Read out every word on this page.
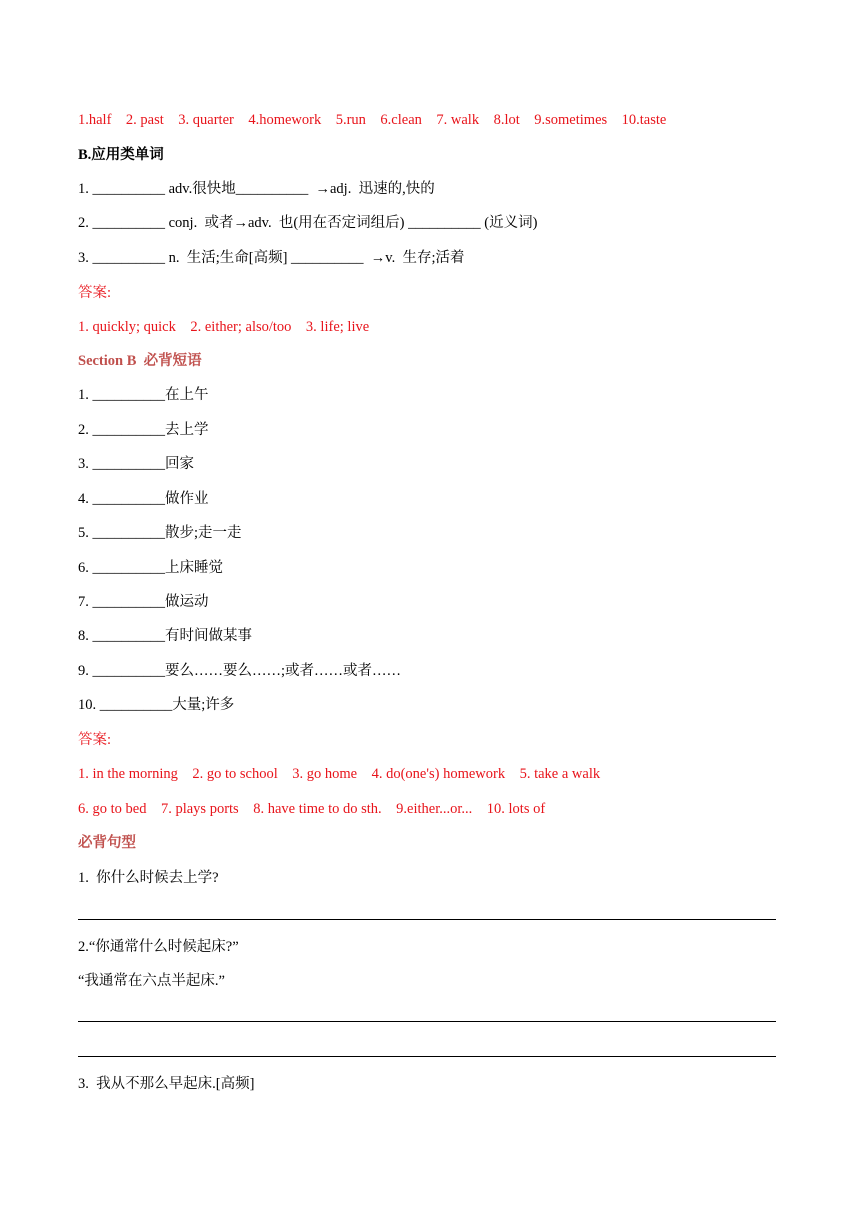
1.half    2. past    3. quarter    4.homework    5.run    6.clean    7. walk    8.lot    9.sometimes    10.taste
B.应用类单词
1. __________ adv.很快地__________  →adj.  迅速的,快的
2. __________ conj.  或者→adv.  也(用在否定词组后) __________ (近义词)
3. __________ n.  生活;生命[高频] __________  →v.  生存;活着
答案:
1. quickly; quick    2. either; also/too    3. life; live
Section B  必背短语
1. __________在上午
2. __________去上学
3. __________回家
4. __________做作业
5. __________散步;走一走
6. __________上床睡觉
7. __________做运动
8. __________有时间做某事
9. __________要么……要么……;或者……或者……
10. __________大量;许多
答案:
1. in the morning    2. go to school    3. go home    4. do(one's) homework    5. take a walk
6. go to bed    7. plays ports    8. have time to do sth.    9.either...or...    10. lots of
必背句型
1.  你什么时候去上学?
2.“你通常什么时候起床?”
“我通常在六点半起床.”
3.  我从不那么早起床.[高频]
